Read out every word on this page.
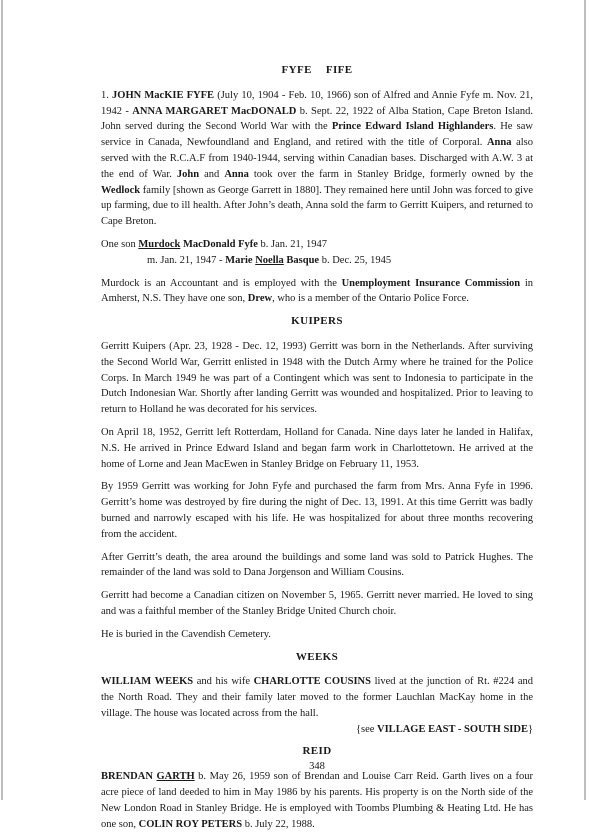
FYFE FIFE

1. JOHN MacKIE FYFE (July 10, 1904 - Feb. 10, 1966) son of Alfred and Annie Fyfe m. Nov. 21, 1942 - ANNA MARGARET MacDONALD b. Sept. 22, 1922 of Alba Station, Cape Breton Island. John served during the Second World War with the Prince Edward Island Highlanders. He saw service in Canada, Newfoundland and England, and retired with the title of Corporal. Anna also served with the R.C.A.F from 1940-1944, serving within Canadian bases. Discharged with A.W. 3 at the end of War. John and Anna took over the farm in Stanley Bridge, formerly owned by the Wedlock family [shown as George Garrett in 1880]. They remained here until John was forced to give up farming, due to ill health. After John’s death, Anna sold the farm to Gerritt Kuipers, and returned to Cape Breton.

One son Murdock MacDonald Fyfe b. Jan. 21, 1947

m. Jan. 21, 1947 - Marie Noella Basque b. Dec. 25, 1945

Murdock is an Accountant and is employed with the Unemployment Insurance Commission in Amherst, N.S. They have one son, Drew, who is a member of the Ontario Police Force.

KUIPERS

Gerritt Kuipers (Apr. 23, 1928 - Dec. 12, 1993) Gerritt was born in the Netherlands. After surviving the Second World War, Gerritt enlisted in 1948 with the Dutch Army where he trained for the Police Corps. In March 1949 he was part of a Contingent which was sent to Indonesia to participate in the Dutch Indonesian War. Shortly after landing Gerritt was wounded and hospitalized. Prior to leaving to return to Holland he was decorated for his services.

On April 18, 1952, Gerritt left Rotterdam, Holland for Canada. Nine days later he landed in Halifax, N.S. He arrived in Prince Edward Island and began farm work in Charlottetown. He arrived at the home of Lorne and Jean MacEwen in Stanley Bridge on February 11, 1953.

By 1959 Gerritt was working for John Fyfe and purchased the farm from Mrs. Anna Fyfe in 1996. Gerritt’s home was destroyed by fire during the night of Dec. 13, 1991. At this time Gerritt was badly burned and narrowly escaped with his life. He was hospitalized for about three months recovering from the accident.

After Gerritt’s death, the area around the buildings and some land was sold to Patrick Hughes. The remainder of the land was sold to Dana Jorgenson and William Cousins.

Gerritt had become a Canadian citizen on November 5, 1965. Gerritt never married. He loved to sing and was a faithful member of the Stanley Bridge United Church choir.

He is buried in the Cavendish Cemetery.

WEEKS

WILLIAM WEEKS and his wife CHARLOTTE COUSINS lived at the junction of Rt. #224 and the North Road. They and their family later moved to the former Lauchlan MacKay home in the village. The house was located across from the hall.

{see VILLAGE EAST - SOUTH SIDE}

REID

BRENDAN GARTH b. May 26, 1959 son of Brendan and Louise Carr Reid. Garth lives on a four acre piece of land deeded to him in May 1986 by his parents. His property is on the North side of the New London Road in Stanley Bridge. He is employed with Toombs Plumbing & Heating Ltd. He has one son, COLIN ROY PETERS b. July 22, 1988.

348
